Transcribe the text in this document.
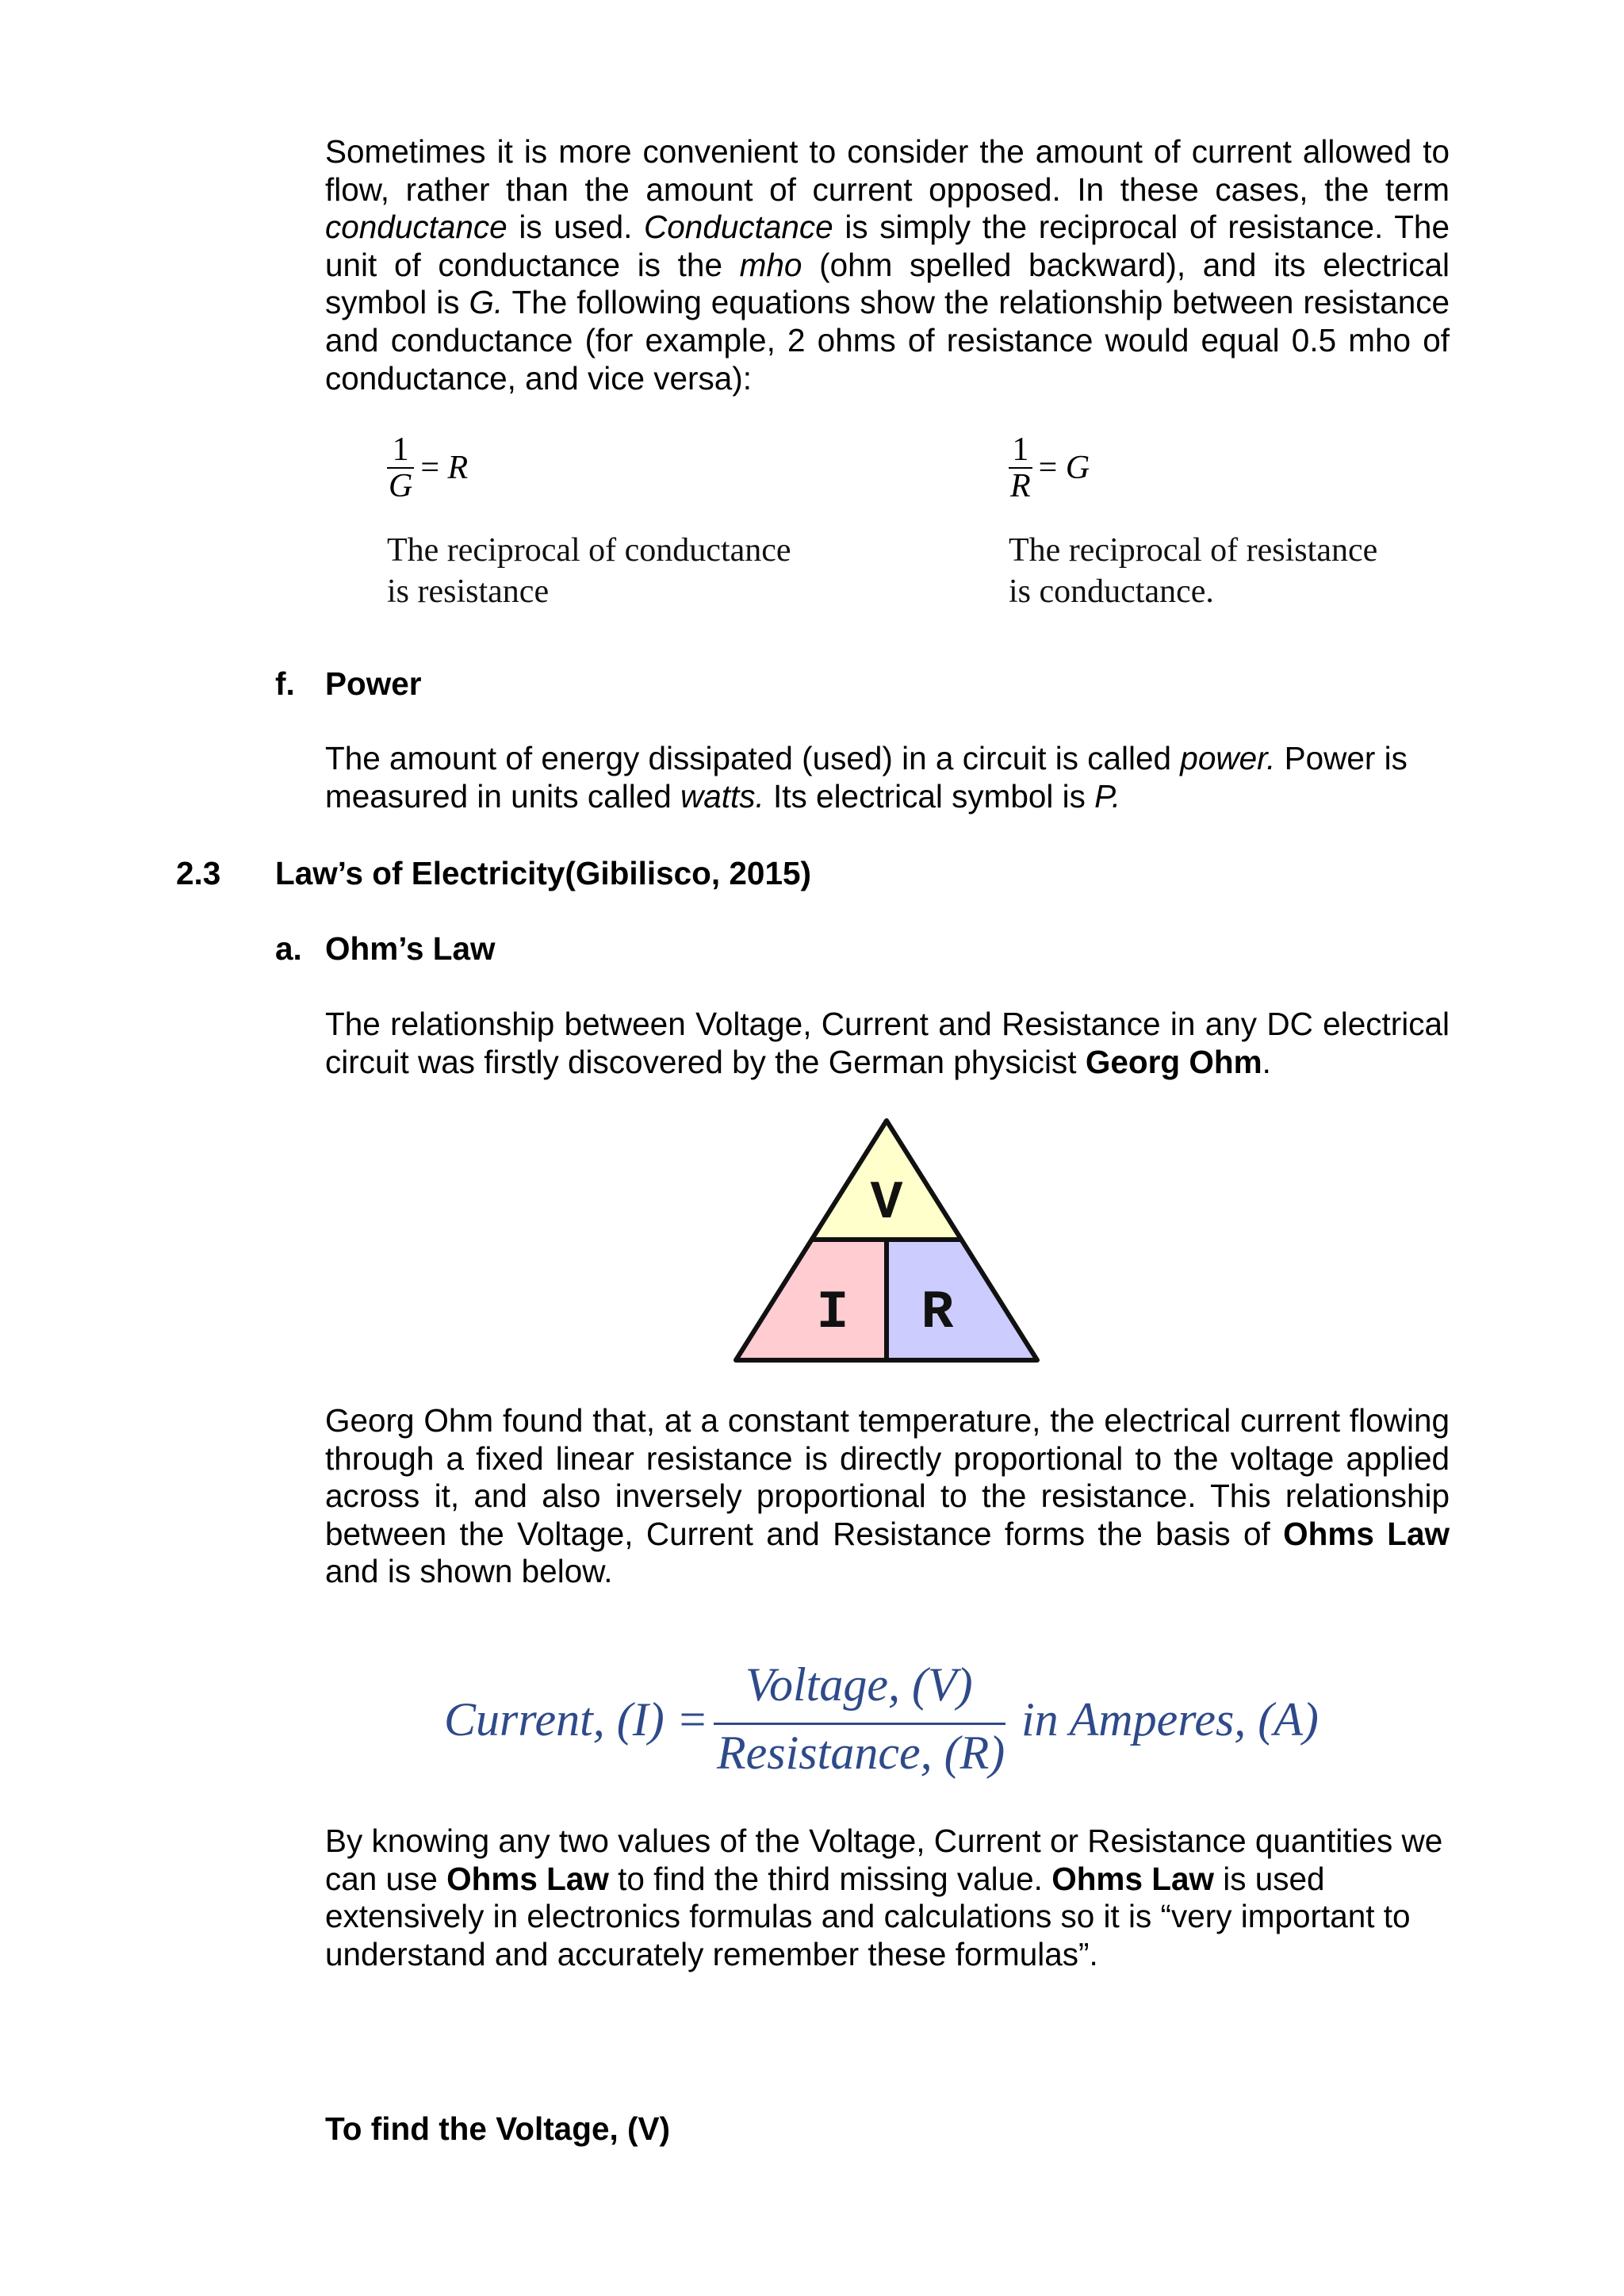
Sometimes it is more convenient to consider the amount of current allowed to flow, rather than the amount of current opposed. In these cases, the term conductance is used. Conductance is simply the reciprocal of resistance. The unit of conductance is the mho (ohm spelled backward), and its electrical symbol is G. The following equations show the relationship between resistance and conductance (for example, 2 ohms of resistance would equal 0.5 mho of conductance, and vice versa):

$\frac{1}{G} = R$
The reciprocal of conductance
is resistance
$\frac{1}{R} = G$
The reciprocal of resistance
is conductance.

f. Power

The amount of energy dissipated (used) in a circuit is called power. Power is measured in units called watts. Its electrical symbol is P.

2.3 Law’s of Electricity(Gibilisco, 2015)

a. Ohm’s Law

The relationship between Voltage, Current and Resistance in any DC electrical circuit was firstly discovered by the German physicist Georg Ohm.

V
I R

Georg Ohm found that, at a constant temperature, the electrical current flowing through a fixed linear resistance is directly proportional to the voltage applied across it, and also inversely proportional to the resistance. This relationship between the Voltage, Current and Resistance forms the basis of Ohms Law and is shown below.

Current, (I) =
Voltage, (V)
Resistance, (R)
in Amperes, (A)

By knowing any two values of the Voltage, Current or Resistance quantities we can use Ohms Law to find the third missing value. Ohms Law is used extensively in electronics formulas and calculations so it is “very important to understand and accurately remember these formulas”.

To find the Voltage, (V)
